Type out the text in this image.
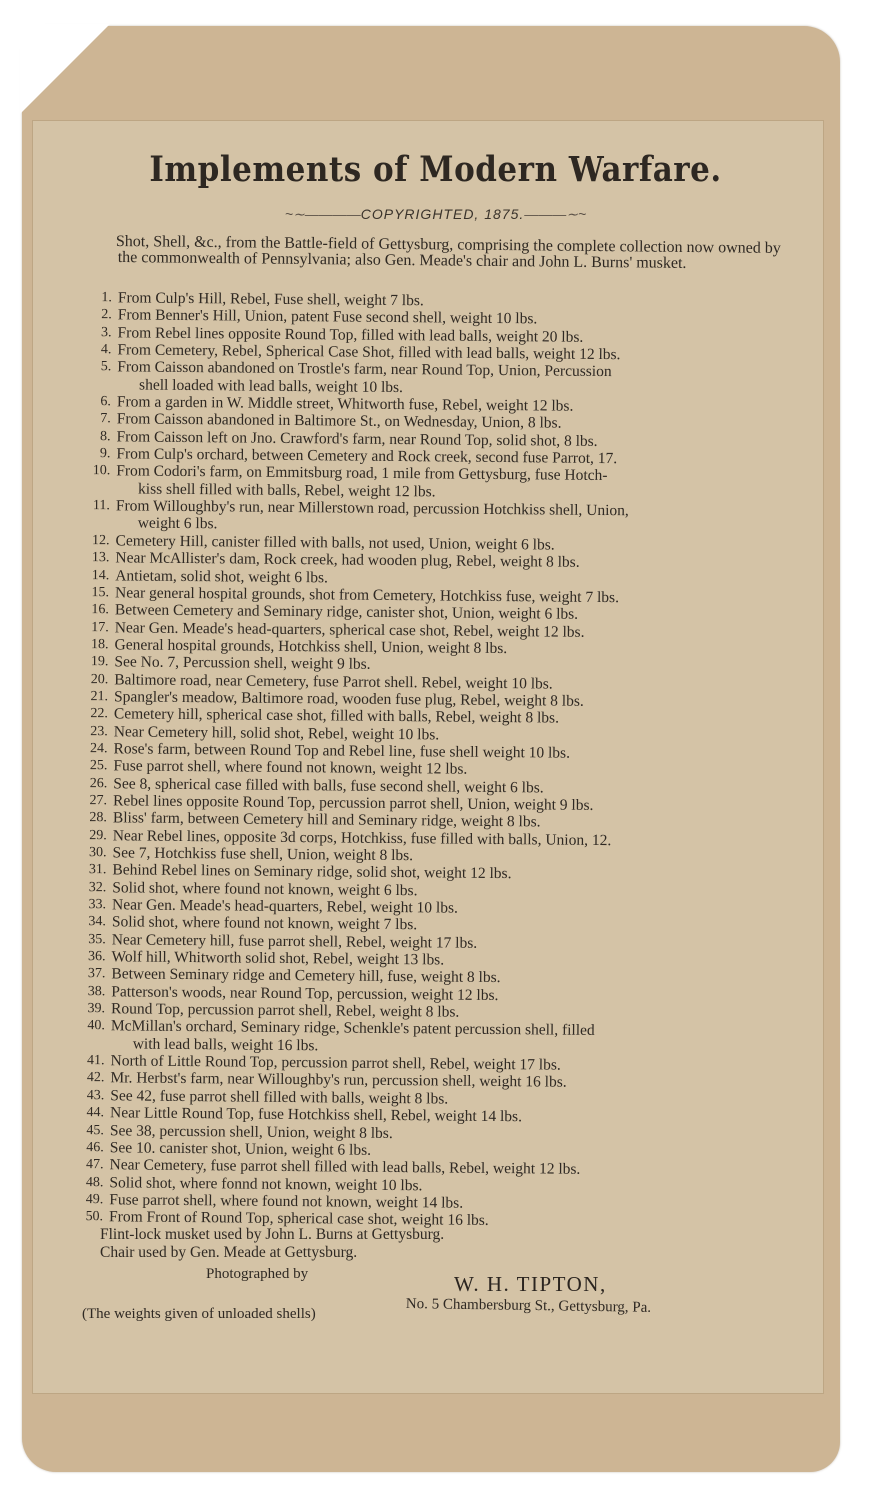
Implements of Modern Warfare.
~∼————COPYRIGHTED, 1875.———∼~
Shot, Shell, &c., from the Battle-field of Gettysburg, comprising the complete collection now owned by the commonwealth of Pennsylvania; also Gen. Meade's chair and John L. Burns' musket.
1. From Culp's Hill, Rebel, Fuse shell, weight 7 lbs.
2. From Benner's Hill, Union, patent Fuse second shell, weight 10 lbs.
3. From Rebel lines opposite Round Top, filled with lead balls, weight 20 lbs.
4. From Cemetery, Rebel, Spherical Case Shot, filled with lead balls, weight 12 lbs.
5. From Caisson abandoned on Trostle's farm, near Round Top, Union, Percussion
shell loaded with lead balls, weight 10 lbs.
6. From a garden in W. Middle street, Whitworth fuse, Rebel, weight 12 lbs.
7. From Caisson abandoned in Baltimore St., on Wednesday, Union, 8 lbs.
8. From Caisson left on Jno. Crawford's farm, near Round Top, solid shot, 8 lbs.
9. From Culp's orchard, between Cemetery and Rock creek, second fuse Parrot, 17.
10. From Codori's farm, on Emmitsburg road, 1 mile from Gettysburg, fuse Hotch-
kiss shell filled with balls, Rebel, weight 12 lbs.
11. From Willoughby's run, near Millerstown road, percussion Hotchkiss shell, Union,
weight 6 lbs.
12. Cemetery Hill, canister filled with balls, not used, Union, weight 6 lbs.
13. Near McAllister's dam, Rock creek, had wooden plug, Rebel, weight 8 lbs.
14. Antietam, solid shot, weight 6 lbs.
15. Near general hospital grounds, shot from Cemetery, Hotchkiss fuse, weight 7 lbs.
16. Between Cemetery and Seminary ridge, canister shot, Union, weight 6 lbs.
17. Near Gen. Meade's head-quarters, spherical case shot, Rebel, weight 12 lbs.
18. General hospital grounds, Hotchkiss shell, Union, weight 8 lbs.
19. See No. 7, Percussion shell, weight 9 lbs.
20. Baltimore road, near Cemetery, fuse Parrot shell. Rebel, weight 10 lbs.
21. Spangler's meadow, Baltimore road, wooden fuse plug, Rebel, weight 8 lbs.
22. Cemetery hill, spherical case shot, filled with balls, Rebel, weight 8 lbs.
23. Near Cemetery hill, solid shot, Rebel, weight 10 lbs.
24. Rose's farm, between Round Top and Rebel line, fuse shell weight 10 lbs.
25. Fuse parrot shell, where found not known, weight 12 lbs.
26. See 8, spherical case filled with balls, fuse second shell, weight 6 lbs.
27. Rebel lines opposite Round Top, percussion parrot shell, Union, weight 9 lbs.
28. Bliss' farm, between Cemetery hill and Seminary ridge, weight 8 lbs.
29. Near Rebel lines, opposite 3d corps, Hotchkiss, fuse filled with balls, Union, 12.
30. See 7, Hotchkiss fuse shell, Union, weight 8 lbs.
31. Behind Rebel lines on Seminary ridge, solid shot, weight 12 lbs.
32. Solid shot, where found not known, weight 6 lbs.
33. Near Gen. Meade's head-quarters, Rebel, weight 10 lbs.
34. Solid shot, where found not known, weight 7 lbs.
35. Near Cemetery hill, fuse parrot shell, Rebel, weight 17 lbs.
36. Wolf hill, Whitworth solid shot, Rebel, weight 13 lbs.
37. Between Seminary ridge and Cemetery hill, fuse, weight 8 lbs.
38. Patterson's woods, near Round Top, percussion, weight 12 lbs.
39. Round Top, percussion parrot shell, Rebel, weight 8 lbs.
40. McMillan's orchard, Seminary ridge, Schenkle's patent percussion shell, filled
with lead balls, weight 16 lbs.
41. North of Little Round Top, percussion parrot shell, Rebel, weight 17 lbs.
42. Mr. Herbst's farm, near Willoughby's run, percussion shell, weight 16 lbs.
43. See 42, fuse parrot shell filled with balls, weight 8 lbs.
44. Near Little Round Top, fuse Hotchkiss shell, Rebel, weight 14 lbs.
45. See 38, percussion shell, Union, weight 8 lbs.
46. See 10. canister shot, Union, weight 6 lbs.
47. Near Cemetery, fuse parrot shell filled with lead balls, Rebel, weight 12 lbs.
48. Solid shot, where fonnd not known, weight 10 lbs.
49. Fuse parrot shell, where found not known, weight 14 lbs.
50. From Front of Round Top, spherical case shot, weight 16 lbs.
Flint-lock musket used by John L. Burns at Gettysburg.
Chair used by Gen. Meade at Gettysburg.
Photographed by	W. H. TIPTON,
No. 5 Chambersburg St., Gettysburg, Pa.
(The weights given of unloaded shells)
